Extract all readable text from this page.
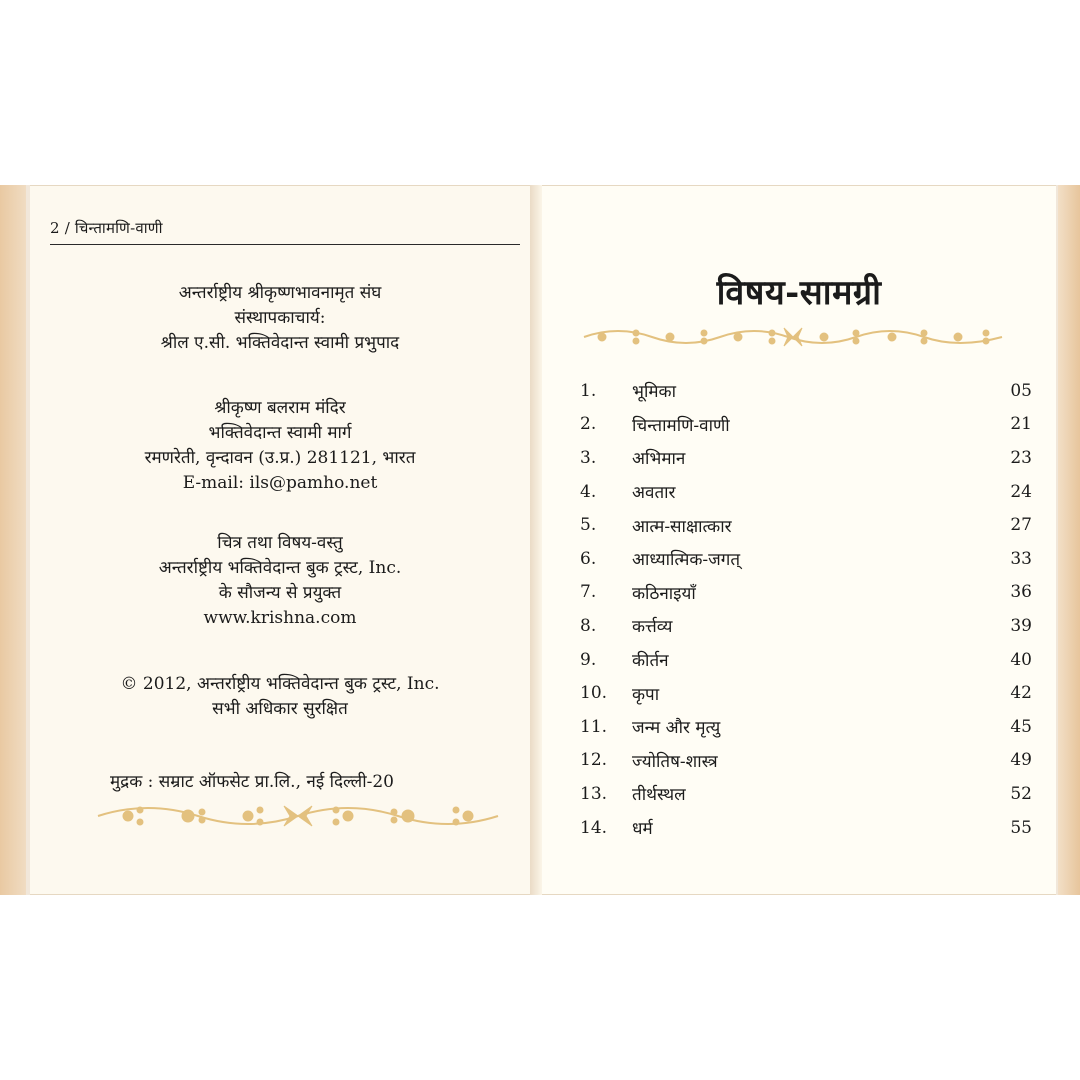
2 / चिन्तामणि-वाणी
अन्तर्राष्ट्रीय श्रीकृष्णभावनामृत संघ
संस्थापकाचार्य:
श्रील ए.सी. भक्तिवेदान्त स्वामी प्रभुपाद
श्रीकृष्ण बलराम मंदिर
भक्तिवेदान्त स्वामी मार्ग
रमणरेती, वृन्दावन (उ.प्र.) 281121, भारत
E-mail: ils@pamho.net
चित्र तथा विषय-वस्तु
अन्तर्राष्ट्रीय भक्तिवेदान्त बुक ट्रस्ट, Inc.
के सौजन्य से प्रयुक्त
www.krishna.com
© 2012, अन्तर्राष्ट्रीय भक्तिवेदान्त बुक ट्रस्ट, Inc.
सभी अधिकार सुरक्षित
मुद्रक : सम्राट ऑफसेट प्रा.लि., नई दिल्ली-20
विषय-सामग्री
1.	भूमिका	05
2.	चिन्तामणि-वाणी	21
3.	अभिमान	23
4.	अवतार	24
5.	आत्म-साक्षात्कार	27
6.	आध्यात्मिक-जगत्	33
7.	कठिनाइयाँ	36
8.	कर्त्तव्य	39
9.	कीर्तन	40
10.	कृपा	42
11.	जन्म और मृत्यु	45
12.	ज्योतिष-शास्त्र	49
13.	तीर्थस्थल	52
14.	धर्म	55
